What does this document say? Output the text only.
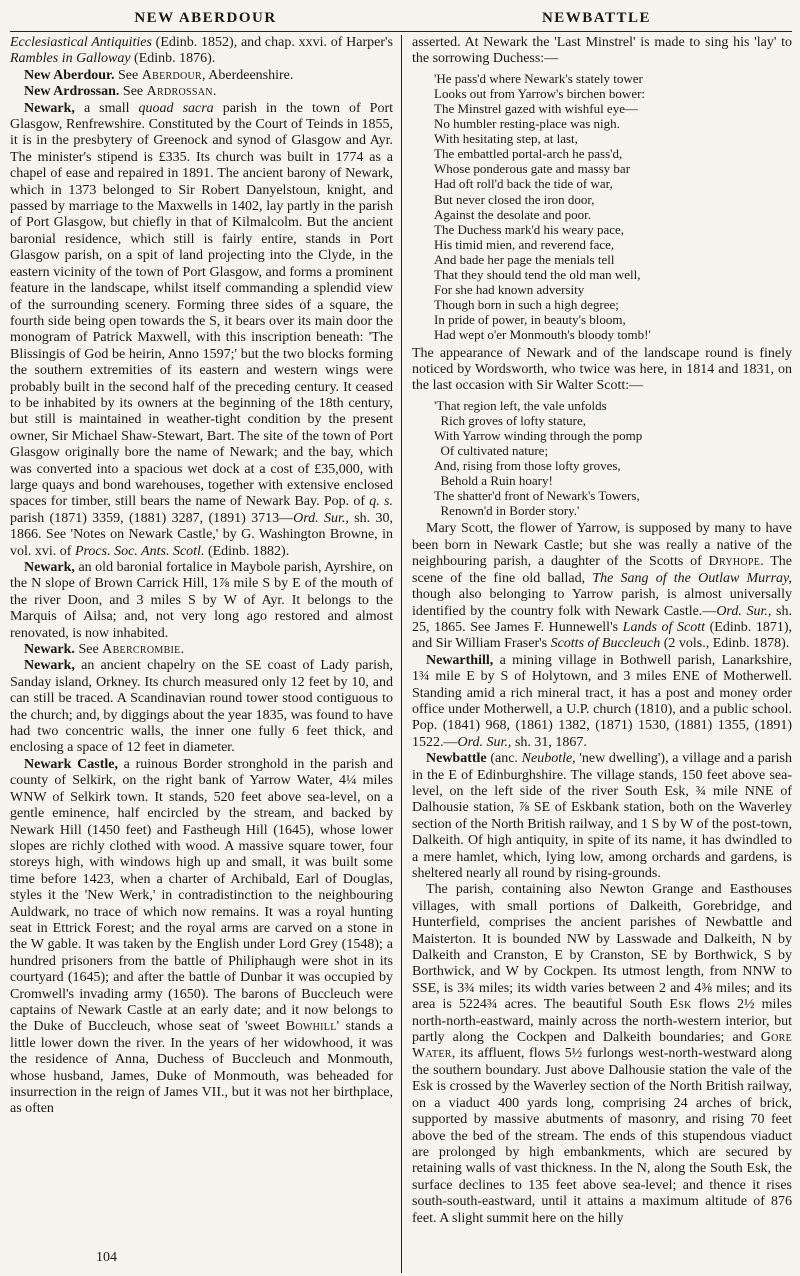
NEW ABERDOUR	NEWBATTLE
Ecclesiastical Antiquities (Edinb. 1852), and chap. xxvi. of Harper's Rambles in Galloway (Edinb. 1876).
New Aberdour. See Aberdour, Aberdeenshire.
New Ardrossan. See Ardrossan.
Newark, a small quoad sacra parish in the town of Port Glasgow, Renfrewshire. Constituted by the Court of Teinds in 1855, it is in the presbytery of Greenock and synod of Glasgow and Ayr. The minister's stipend is £335. Its church was built in 1774 as a chapel of ease and repaired in 1891. The ancient barony of Newark, which in 1373 belonged to Sir Robert Danyelstoun, knight, and passed by marriage to the Maxwells in 1402, lay partly in the parish of Port Glasgow, but chiefly in that of Kilmalcolm. But the ancient baronial residence, which still is fairly entire, stands in Port Glasgow parish, on a spit of land projecting into the Clyde, in the eastern vicinity of the town of Port Glasgow, and forms a prominent feature in the landscape, whilst itself commanding a splendid view of the surrounding scenery. Forming three sides of a square, the fourth side being open towards the S, it bears over its main door the monogram of Patrick Maxwell, with this inscription beneath: 'The Blissingis of God be heirin, Anno 1597;' but the two blocks forming the southern extremities of its eastern and western wings were probably built in the second half of the preceding century. It ceased to be inhabited by its owners at the beginning of the 18th century, but still is maintained in weather-tight condition by the present owner, Sir Michael Shaw-Stewart, Bart. The site of the town of Port Glasgow originally bore the name of Newark; and the bay, which was converted into a spacious wet dock at a cost of £35,000, with large quays and bond warehouses, together with extensive enclosed spaces for timber, still bears the name of Newark Bay. Pop. of q. s. parish (1871) 3359, (1881) 3287, (1891) 3713—Ord. Sur., sh. 30, 1866. See 'Notes on Newark Castle,' by G. Washington Browne, in vol. xvi. of Procs. Soc. Ants. Scotl. (Edinb. 1882).
Newark, an old baronial fortalice in Maybole parish, Ayrshire, on the N slope of Brown Carrick Hill, 1⅞ mile S by E of the mouth of the river Doon, and 3 miles S by W of Ayr. It belongs to the Marquis of Ailsa; and, not very long ago restored and almost renovated, is now inhabited.
Newark. See Abercrombie.
Newark, an ancient chapelry on the SE coast of Lady parish, Sanday island, Orkney. Its church measured only 12 feet by 10, and can still be traced. A Scandinavian round tower stood contiguous to the church; and, by diggings about the year 1835, was found to have had two concentric walls, the inner one fully 6 feet thick, and enclosing a space of 12 feet in diameter.
Newark Castle, a ruinous Border stronghold in the parish and county of Selkirk, on the right bank of Yarrow Water, 4¼ miles WNW of Selkirk town. It stands, 520 feet above sea-level, on a gentle eminence, half encircled by the stream, and backed by Newark Hill (1450 feet) and Fastheugh Hill (1645), whose lower slopes are richly clothed with wood. A massive square tower, four storeys high, with windows high up and small, it was built some time before 1423, when a charter of Archibald, Earl of Douglas, styles it the 'New Werk,' in contradistinction to the neighbouring Auldwark, no trace of which now remains. It was a royal hunting seat in Ettrick Forest; and the royal arms are carved on a stone in the W gable. It was taken by the English under Lord Grey (1548); a hundred prisoners from the battle of Philiphaugh were shot in its courtyard (1645); and after the battle of Dunbar it was occupied by Cromwell's invading army (1650). The barons of Buccleuch were captains of Newark Castle at an early date; and it now belongs to the Duke of Buccleuch, whose seat of 'sweet Bowhill' stands a little lower down the river. In the years of her widowhood, it was the residence of Anna, Duchess of Buccleuch and Monmouth, whose husband, James, Duke of Monmouth, was beheaded for insurrection in the reign of James VII., but it was not her birthplace, as often
asserted. At Newark the 'Last Minstrel' is made to sing his 'lay' to the sorrowing Duchess:—
'He pass'd where Newark's stately tower
Looks out from Yarrow's birchen bower:
The Minstrel gazed with wishful eye—
No humbler resting-place was nigh.
With hesitating step, at last,
The embattled portal-arch he pass'd,
Whose ponderous gate and massy bar
Had oft roll'd back the tide of war,
But never closed the iron door,
Against the desolate and poor.
The Duchess mark'd his weary pace,
His timid mien, and reverend face,
And bade her page the menials tell
That they should tend the old man well,
For she had known adversity
Though born in such a high degree;
In pride of power, in beauty's bloom,
Had wept o'er Monmouth's bloody tomb!'
The appearance of Newark and of the landscape round is finely noticed by Wordsworth, who twice was here, in 1814 and 1831, on the last occasion with Sir Walter Scott:—
'That region left, the vale unfolds
Rich groves of lofty stature,
With Yarrow winding through the pomp
Of cultivated nature;
And, rising from those lofty groves,
Behold a Ruin hoary!
The shatter'd front of Newark's Towers,
Renown'd in Border story.'
Mary Scott, the flower of Yarrow, is supposed by many to have been born in Newark Castle; but she was really a native of the neighbouring parish, a daughter of the Scotts of Dryhope. The scene of the fine old ballad, The Sang of the Outlaw Murray, though also belonging to Yarrow parish, is almost universally identified by the country folk with Newark Castle.—Ord. Sur., sh. 25, 1865. See James F. Hunnewell's Lands of Scott (Edinb. 1871), and Sir William Fraser's Scotts of Buccleuch (2 vols., Edinb. 1878).
Newarthill, a mining village in Bothwell parish, Lanarkshire, 1¾ mile E by S of Holytown, and 3 miles ENE of Motherwell. Standing amid a rich mineral tract, it has a post and money order office under Motherwell, a U.P. church (1810), and a public school. Pop. (1841) 968, (1861) 1382, (1871) 1530, (1881) 1355, (1891) 1522.—Ord. Sur., sh. 31, 1867.
Newbattle (anc. Neubotle, 'new dwelling'), a village and a parish in the E of Edinburghshire. The village stands, 150 feet above sea-level, on the left side of the river South Esk, ¾ mile NNE of Dalhousie station, ⅞ SE of Eskbank station, both on the Waverley section of the North British railway, and 1 S by W of the post-town, Dalkeith. Of high antiquity, in spite of its name, it has dwindled to a mere hamlet, which, lying low, among orchards and gardens, is sheltered nearly all round by rising-grounds.
The parish, containing also Newton Grange and Easthouses villages, with small portions of Dalkeith, Gorebridge, and Hunterfield, comprises the ancient parishes of Newbattle and Maisterton. It is bounded NW by Lasswade and Dalkeith, N by Dalkeith and Cranston, E by Cranston, SE by Borthwick, S by Borthwick, and W by Cockpen. Its utmost length, from NNW to SSE, is 3¾ miles; its width varies between 2 and 4⅜ miles; and its area is 5224¾ acres. The beautiful South Esk flows 2½ miles north-north-eastward, mainly across the north-western interior, but partly along the Cockpen and Dalkeith boundaries; and Gore Water, its affluent, flows 5½ furlongs west-north-westward along the southern boundary. Just above Dalhousie station the vale of the Esk is crossed by the Waverley section of the North British railway, on a viaduct 400 yards long, comprising 24 arches of brick, supported by massive abutments of masonry, and rising 70 feet above the bed of the stream. The ends of this stupendous viaduct are prolonged by high embankments, which are secured by retaining walls of vast thickness. In the N, along the South Esk, the surface declines to 135 feet above sea-level; and thence it rises south-south-eastward, until it attains a maximum altitude of 876 feet. A slight summit here on the hilly
104
